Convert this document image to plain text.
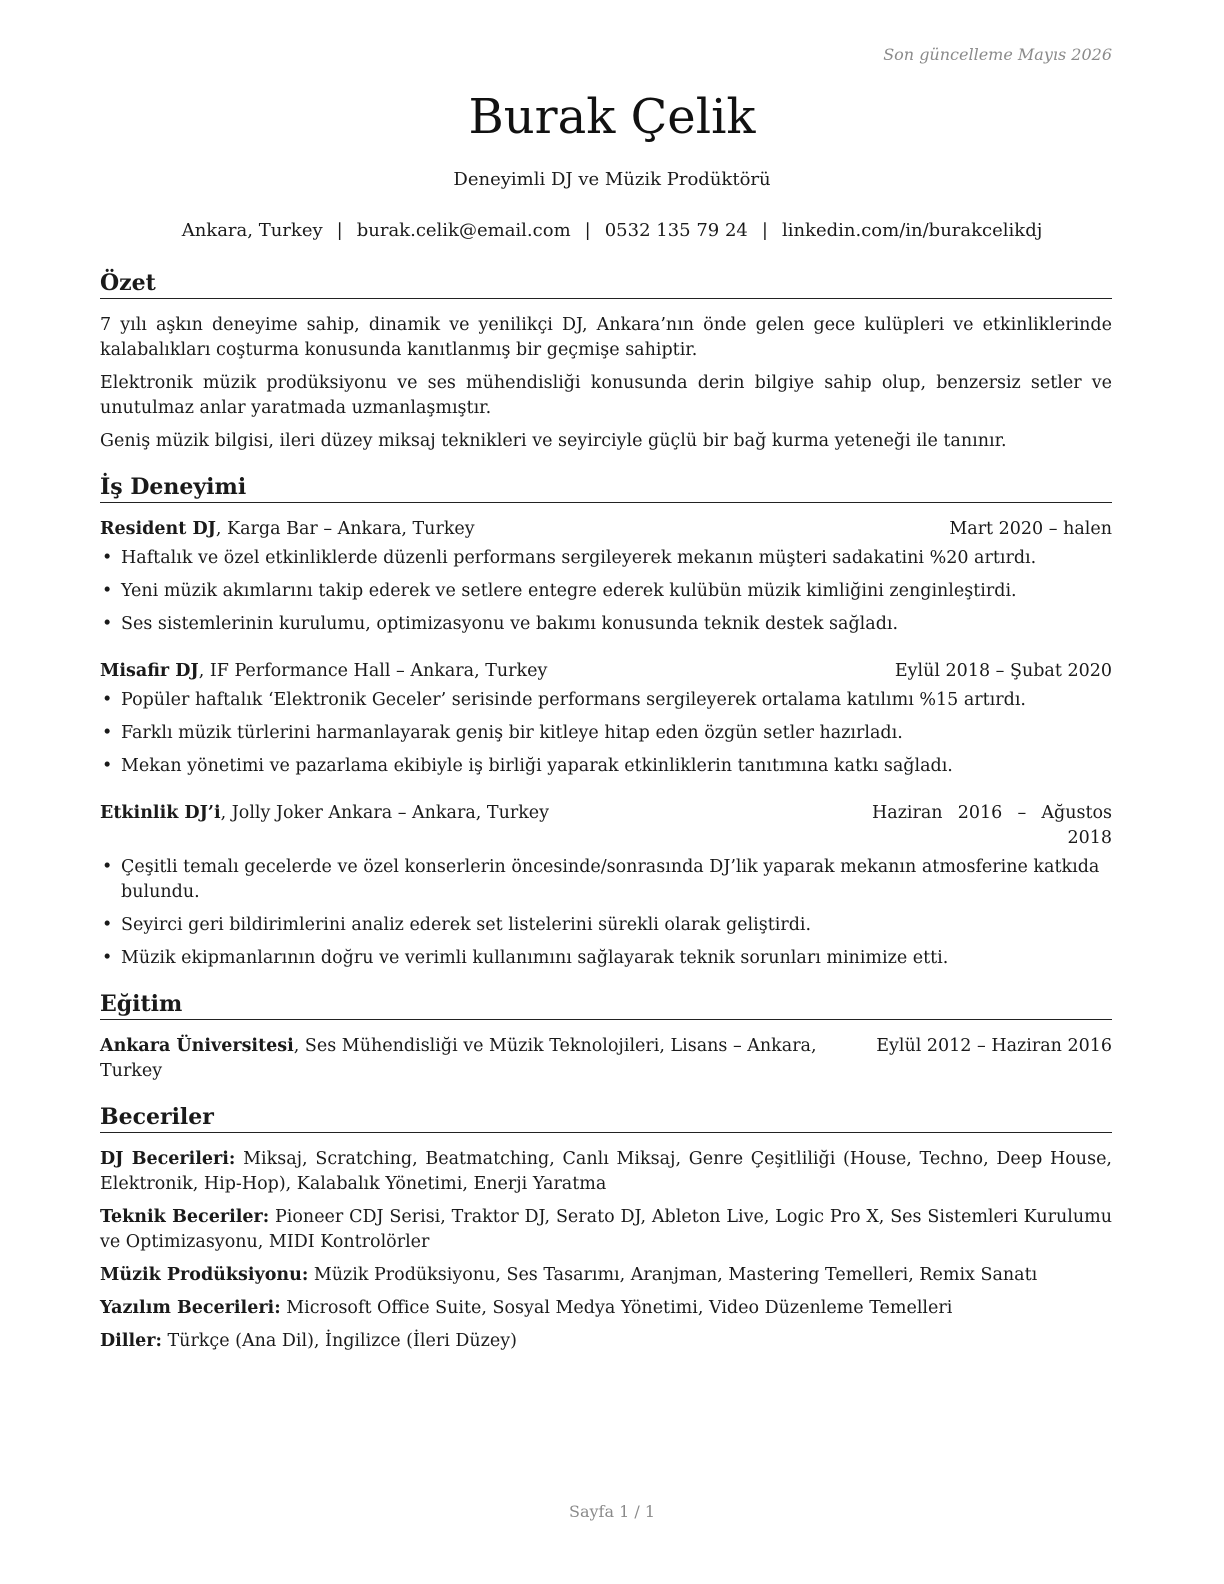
Son güncelleme Mayıs 2026
Burak Çelik
Deneyimli DJ ve Müzik Prodüktörü
Ankara, Turkey | burak.celik@email.com | 0532 135 79 24 | linkedin.com/in/burakcelikdj
Özet

7 yılı aşkın deneyime sahip, dinamik ve yenilikçi DJ, Ankara’nın önde gelen gece kulüpleri ve etkinliklerinde kalabalıkları coşturma konusunda kanıtlanmış bir geçmişe sahiptir.

Elektronik müzik prodüksiyonu ve ses mühendisliği konusunda derin bilgiye sahip olup, benzersiz setler ve unutulmaz anlar yaratmada uzmanlaşmıştır.

Geniş müzik bilgisi, ileri düzey miksaj teknikleri ve seyirciyle güçlü bir bağ kurma yeteneği ile tanınır.

İş Deneyimi
Resident DJ, Karga Bar – Ankara, Turkey	Mart 2020 – halen
• Haftalık ve özel etkinliklerde düzenli performans sergileyerek mekanın müşteri sadakatini %20 artırdı.
• Yeni müzik akımlarını takip ederek ve setlere entegre ederek kulübün müzik kimliğini zenginleştirdi.
• Ses sistemlerinin kurulumu, optimizasyonu ve bakımı konusunda teknik destek sağladı.
Misafir DJ, IF Performance Hall – Ankara, Turkey	Eylül 2018 – Şubat 2020
• Popüler haftalık ‘Elektronik Geceler’ serisinde performans sergileyerek ortalama katılımı %15 artırdı.
• Farklı müzik türlerini harmanlayarak geniş bir kitleye hitap eden özgün setler hazırladı.
• Mekan yönetimi ve pazarlama ekibiyle iş birliği yaparak etkinliklerin tanıtımına katkı sağladı.
Etkinlik DJ’i, Jolly Joker Ankara – Ankara, Turkey	Haziran 2016 – Ağustos 2018
• Çeşitli temalı gecelerde ve özel konserlerin öncesinde/sonrasında DJ’lik yaparak mekanın atmosferine katkıda bulundu.
• Seyirci geri bildirimlerini analiz ederek set listelerini sürekli olarak geliştirdi.
• Müzik ekipmanlarının doğru ve verimli kullanımını sağlayarak teknik sorunları minimize etti.
Eğitim
Ankara Üniversitesi, Ses Mühendisliği ve Müzik Teknolojileri, Lisans – Ankara, Turkey
Eylül 2012 – Haziran 2016
Beceriler
DJ Becerileri: Miksaj, Scratching, Beatmatching, Canlı Miksaj, Genre Çeşitliliği (House, Techno, Deep House, Elektronik, Hip-Hop), Kalabalık Yönetimi, Enerji Yaratma
Teknik Beceriler: Pioneer CDJ Serisi, Traktor DJ, Serato DJ, Ableton Live, Logic Pro X, Ses Sistemleri Kurulumu ve Optimizasyonu, MIDI Kontrolörler
Müzik Prodüksiyonu: Müzik Prodüksiyonu, Ses Tasarımı, Aranjman, Mastering Temelleri, Remix Sanatı
Yazılım Becerileri: Microsoft Office Suite, Sosyal Medya Yönetimi, Video Düzenleme Temelleri
Diller: Türkçe (Ana Dil), İngilizce (İleri Düzey)
Sayfa 1 / 1
